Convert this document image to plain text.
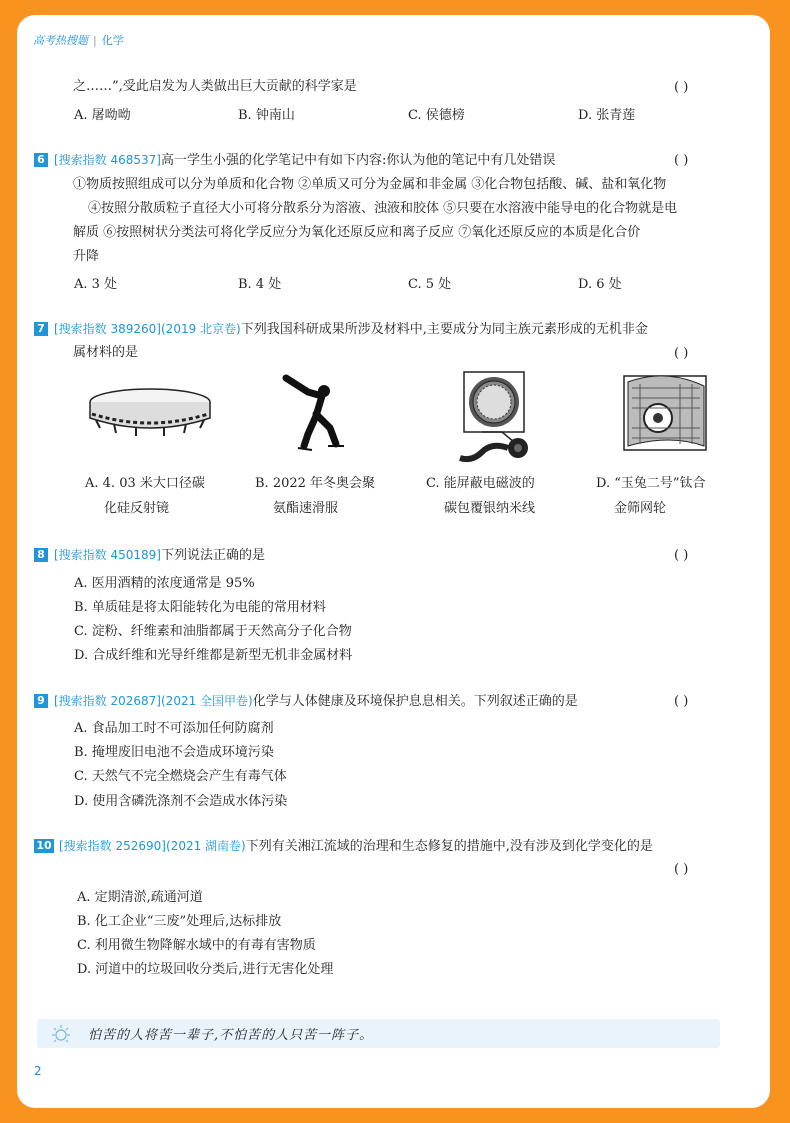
高考热搜题 | 化学
之……”,受此启发为人类做出巨大贡献的科学家是	( )
A. 屠呦呦	B. 钟南山	C. 侯德榜	D. 张青莲
6 [搜索指数 468537]高一学生小强的化学笔记中有如下内容:你认为他的笔记中有几处错误	( )
①物质按照组成可以分为单质和化合物 ②单质又可分为金属和非金属 ③化合物包括酸、碱、盐和氧化物
④按照分散质粒子直径大小可将分散系分为溶液、浊液和胶体 ⑤只要在水溶液中能导电的化合物就是电
解质 ⑥按照树状分类法可将化学反应分为氧化还原反应和离子反应 ⑦氧化还原反应的本质是化合价
升降
A. 3 处	B. 4 处	C. 5 处	D. 6 处
7 [搜索指数 389260](2019 北京卷)下列我国科研成果所涉及材料中,主要成分为同主族元素形成的无机非金
属材料的是	( )
A. 4. 03 米大口径碳
化硅反射镜
B. 2022 年冬奥会聚
氨酯速滑服
C. 能屏蔽电磁波的
碳包覆银纳米线
D. “玉兔二号”钛合
金筛网轮
8 [搜索指数 450189]下列说法正确的是	( )
A. 医用酒精的浓度通常是 95%
B. 单质硅是将太阳能转化为电能的常用材料
C. 淀粉、纤维素和油脂都属于天然高分子化合物
D. 合成纤维和光导纤维都是新型无机非金属材料
9 [搜索指数 202687](2021 全国甲卷)化学与人体健康及环境保护息息相关。下列叙述正确的是	( )
A. 食品加工时不可添加任何防腐剂
B. 掩埋废旧电池不会造成环境污染
C. 天然气不完全燃烧会产生有毒气体
D. 使用含磷洗涤剂不会造成水体污染
10 [搜索指数 252690](2021 湖南卷)下列有关湘江流域的治理和生态修复的措施中,没有涉及到化学变化的是
( )
A. 定期清淤,疏通河道
B. 化工企业“三废”处理后,达标排放
C. 利用微生物降解水域中的有毒有害物质
D. 河道中的垃圾回收分类后,进行无害化处理
怕苦的人将苦一辈子,不怕苦的人只苦一阵子。
2
